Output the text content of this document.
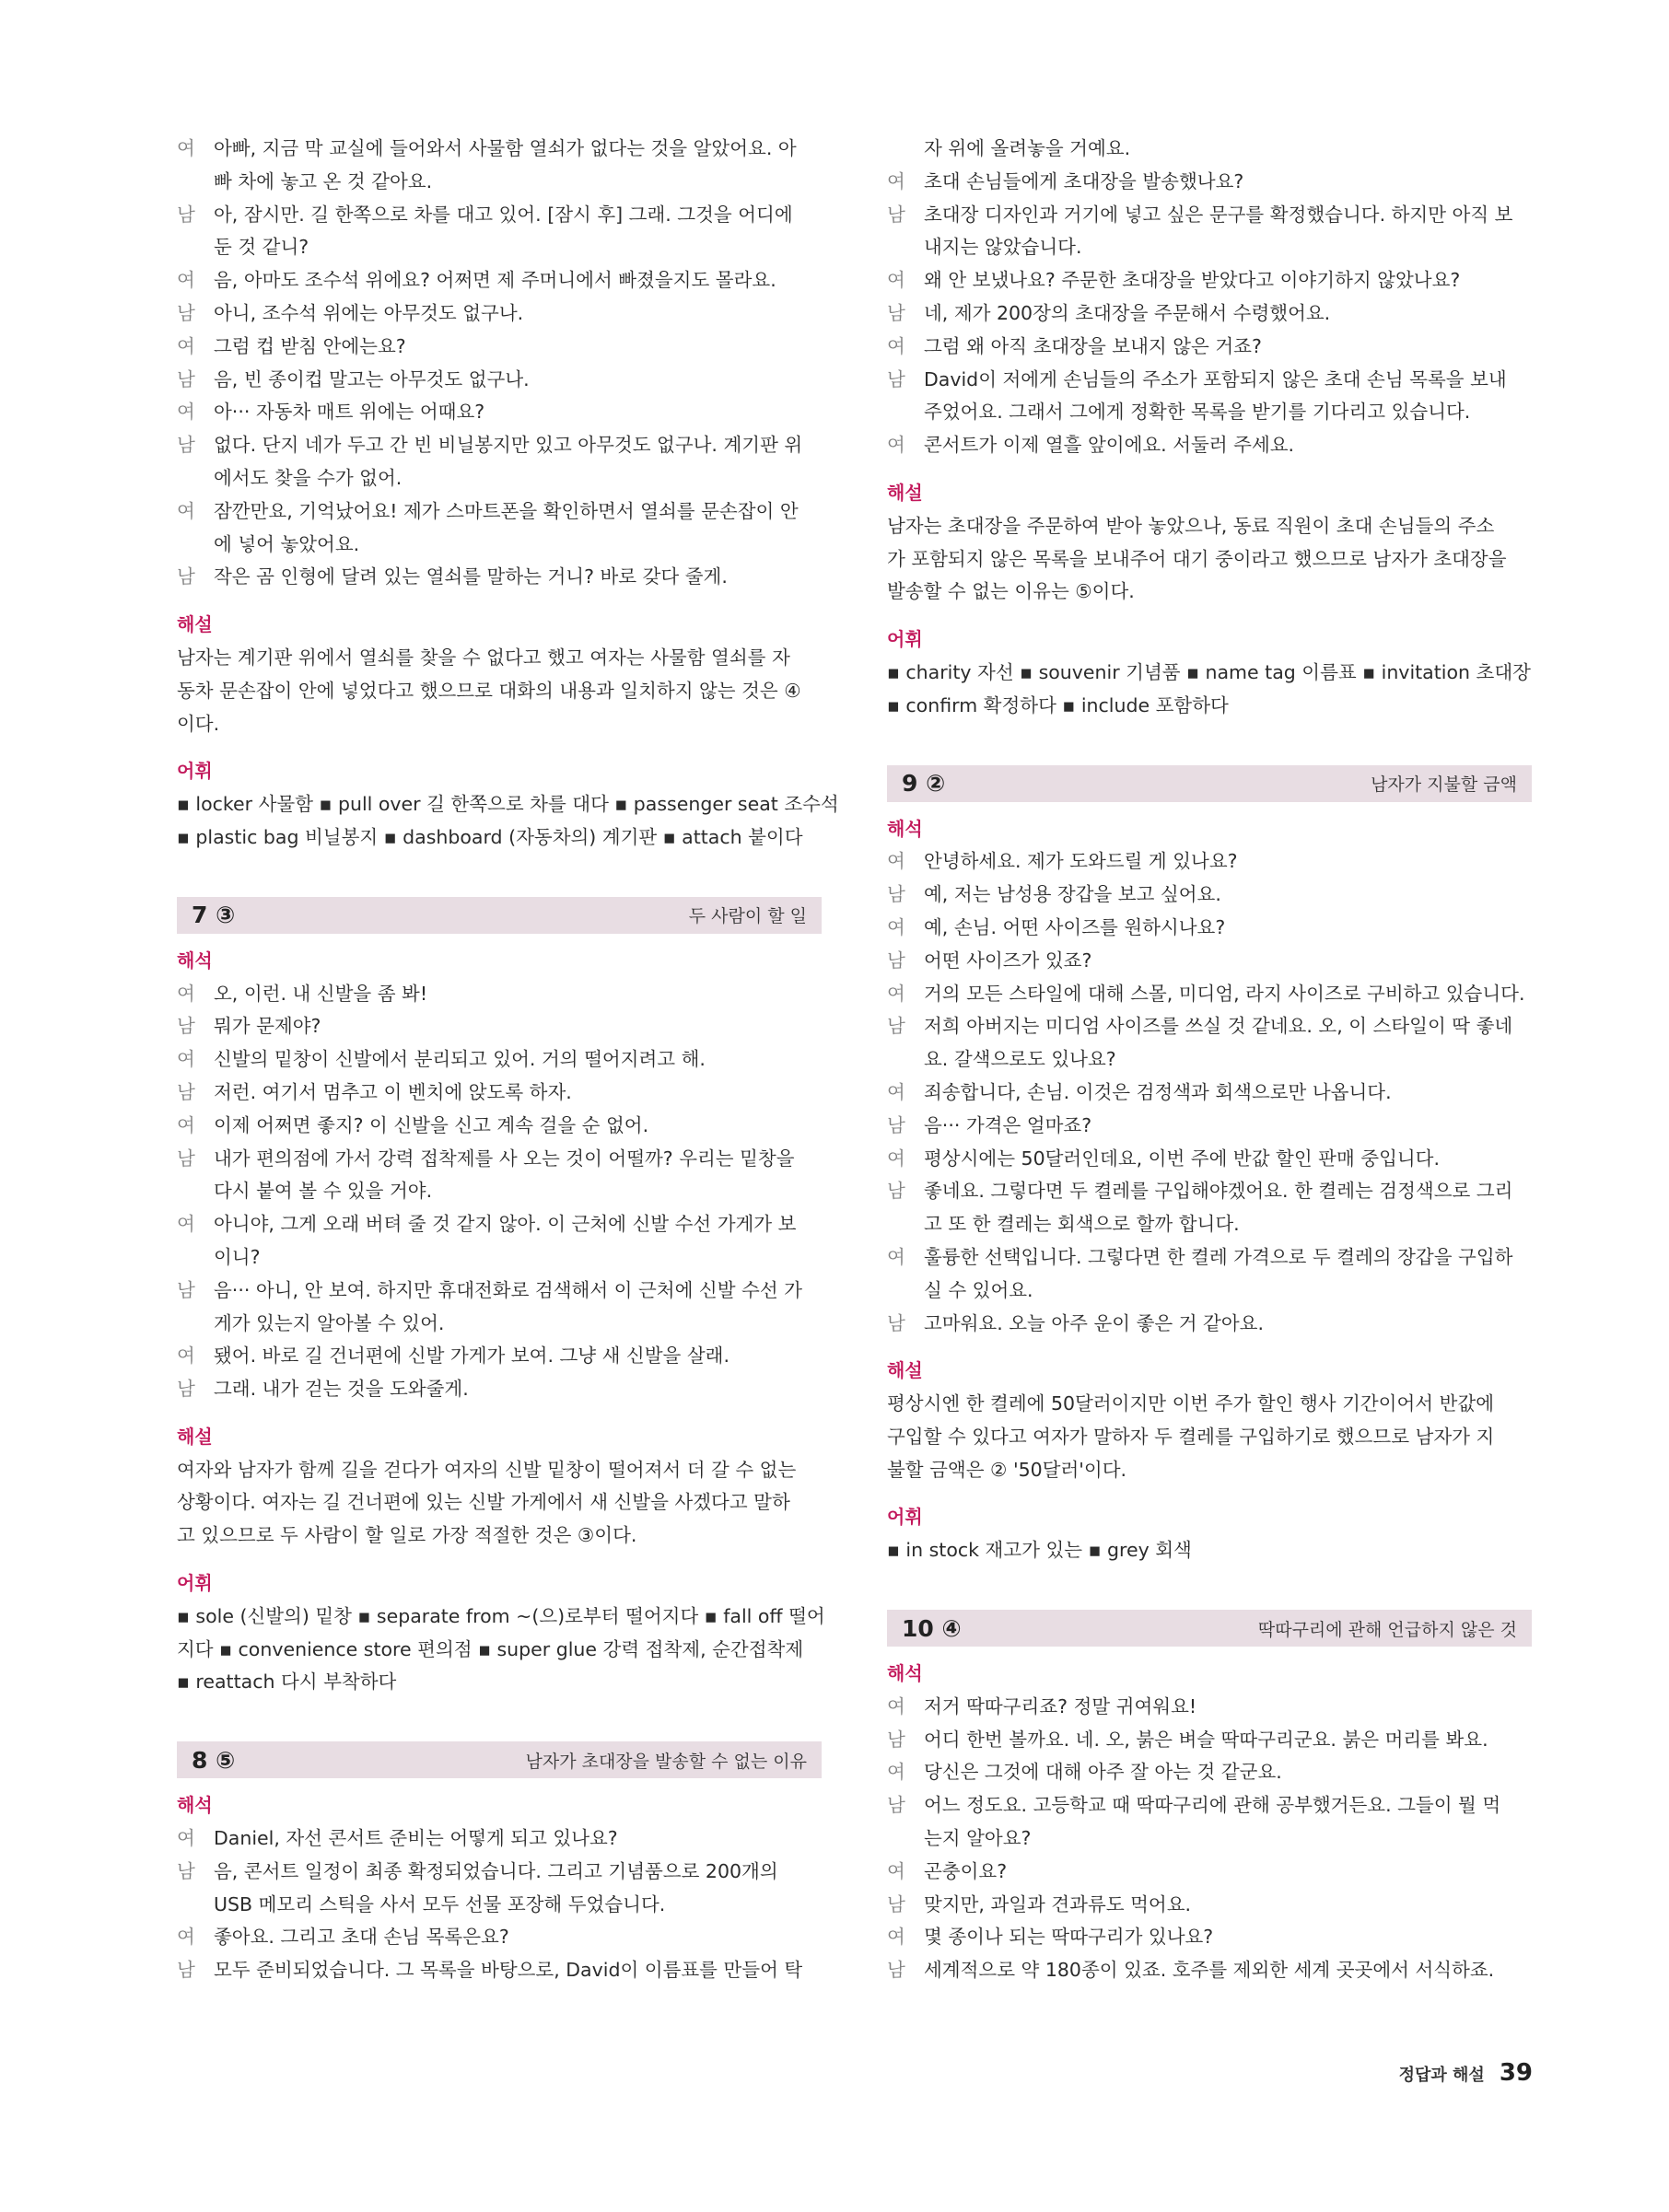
여 아빠, 지금 막 교실에 들어와서 사물함 열쇠가 없다는 것을 알았어요. 아
빠 차에 놓고 온 것 같아요.
남 아, 잠시만. 길 한쪽으로 차를 대고 있어. [잠시 후] 그래. 그것을 어디에
둔 것 같니?
여 음, 아마도 조수석 위에요? 어쩌면 제 주머니에서 빠졌을지도 몰라요.
남 아니, 조수석 위에는 아무것도 없구나.
여 그럼 컵 받침 안에는요?
남 음, 빈 종이컵 말고는 아무것도 없구나.
여 아··· 자동차 매트 위에는 어때요?
남 없다. 단지 네가 두고 간 빈 비닐봉지만 있고 아무것도 없구나. 계기판 위
에서도 찾을 수가 없어.
여 잠깐만요, 기억났어요! 제가 스마트폰을 확인하면서 열쇠를 문손잡이 안
에 넣어 놓았어요.
남 작은 곰 인형에 달려 있는 열쇠를 말하는 거니? 바로 갖다 줄게.
해설
남자는 계기판 위에서 열쇠를 찾을 수 없다고 했고 여자는 사물함 열쇠를 자
동차 문손잡이 안에 넣었다고 했으므로 대화의 내용과 일치하지 않는 것은 ④
이다.
어휘
▪ locker 사물함 ▪ pull over 길 한쪽으로 차를 대다 ▪ passenger seat 조수석
▪ plastic bag 비닐봉지 ▪ dashboard (자동차의) 계기판 ▪ attach 붙이다
7 ③	두 사람이 할 일
해석
여 오, 이런. 내 신발을 좀 봐!
남 뭐가 문제야?
여 신발의 밑창이 신발에서 분리되고 있어. 거의 떨어지려고 해.
남 저런. 여기서 멈추고 이 벤치에 앉도록 하자.
여 이제 어쩌면 좋지? 이 신발을 신고 계속 걸을 순 없어.
남 내가 편의점에 가서 강력 접착제를 사 오는 것이 어떨까? 우리는 밑창을
다시 붙여 볼 수 있을 거야.
여 아니야, 그게 오래 버텨 줄 것 같지 않아. 이 근처에 신발 수선 가게가 보
이니?
남 음··· 아니, 안 보여. 하지만 휴대전화로 검색해서 이 근처에 신발 수선 가
게가 있는지 알아볼 수 있어.
여 됐어. 바로 길 건너편에 신발 가게가 보여. 그냥 새 신발을 살래.
남 그래. 내가 걷는 것을 도와줄게.
해설
여자와 남자가 함께 길을 걷다가 여자의 신발 밑창이 떨어져서 더 갈 수 없는
상황이다. 여자는 길 건너편에 있는 신발 가게에서 새 신발을 사겠다고 말하
고 있으므로 두 사람이 할 일로 가장 적절한 것은 ③이다.
어휘
▪ sole (신발의) 밑창 ▪ separate from ~(으)로부터 떨어지다 ▪ fall off 떨어
지다 ▪ convenience store 편의점 ▪ super glue 강력 접착제, 순간접착제
▪ reattach 다시 부착하다
8 ⑤	남자가 초대장을 발송할 수 없는 이유
해석
여 Daniel, 자선 콘서트 준비는 어떻게 되고 있나요?
남 음, 콘서트 일정이 최종 확정되었습니다. 그리고 기념품으로 200개의
USB 메모리 스틱을 사서 모두 선물 포장해 두었습니다.
여 좋아요. 그리고 초대 손님 목록은요?
남 모두 준비되었습니다. 그 목록을 바탕으로, David이 이름표를 만들어 탁
자 위에 올려놓을 거예요.
여 초대 손님들에게 초대장을 발송했나요?
남 초대장 디자인과 거기에 넣고 싶은 문구를 확정했습니다. 하지만 아직 보
내지는 않았습니다.
여 왜 안 보냈나요? 주문한 초대장을 받았다고 이야기하지 않았나요?
남 네, 제가 200장의 초대장을 주문해서 수령했어요.
여 그럼 왜 아직 초대장을 보내지 않은 거죠?
남 David이 저에게 손님들의 주소가 포함되지 않은 초대 손님 목록을 보내
주었어요. 그래서 그에게 정확한 목록을 받기를 기다리고 있습니다.
여 콘서트가 이제 열흘 앞이에요. 서둘러 주세요.
해설
남자는 초대장을 주문하여 받아 놓았으나, 동료 직원이 초대 손님들의 주소
가 포함되지 않은 목록을 보내주어 대기 중이라고 했으므로 남자가 초대장을
발송할 수 없는 이유는 ⑤이다.
어휘
▪ charity 자선 ▪ souvenir 기념품 ▪ name tag 이름표 ▪ invitation 초대장
▪ confirm 확정하다 ▪ include 포함하다
9 ②	남자가 지불할 금액
해석
여 안녕하세요. 제가 도와드릴 게 있나요?
남 예, 저는 남성용 장갑을 보고 싶어요.
여 예, 손님. 어떤 사이즈를 원하시나요?
남 어떤 사이즈가 있죠?
여 거의 모든 스타일에 대해 스몰, 미디엄, 라지 사이즈로 구비하고 있습니다.
남 저희 아버지는 미디엄 사이즈를 쓰실 것 같네요. 오, 이 스타일이 딱 좋네
요. 갈색으로도 있나요?
여 죄송합니다, 손님. 이것은 검정색과 회색으로만 나옵니다.
남 음··· 가격은 얼마죠?
여 평상시에는 50달러인데요, 이번 주에 반값 할인 판매 중입니다.
남 좋네요. 그렇다면 두 켤레를 구입해야겠어요. 한 켤레는 검정색으로 그리
고 또 한 켤레는 회색으로 할까 합니다.
여 훌륭한 선택입니다. 그렇다면 한 켤레 가격으로 두 켤레의 장갑을 구입하
실 수 있어요.
남 고마워요. 오늘 아주 운이 좋은 거 같아요.
해설
평상시엔 한 켤레에 50달러이지만 이번 주가 할인 행사 기간이어서 반값에
구입할 수 있다고 여자가 말하자 두 켤레를 구입하기로 했으므로 남자가 지
불할 금액은 ② '50달러'이다.
어휘
▪ in stock 재고가 있는 ▪ grey 회색
10 ④	딱따구리에 관해 언급하지 않은 것
해석
여 저거 딱따구리죠? 정말 귀여워요!
남 어디 한번 볼까요. 네. 오, 붉은 벼슬 딱따구리군요. 붉은 머리를 봐요.
여 당신은 그것에 대해 아주 잘 아는 것 같군요.
남 어느 정도요. 고등학교 때 딱따구리에 관해 공부했거든요. 그들이 뭘 먹
는지 알아요?
여 곤충이요?
남 맞지만, 과일과 견과류도 먹어요.
여 몇 종이나 되는 딱따구리가 있나요?
남 세계적으로 약 180종이 있죠. 호주를 제외한 세계 곳곳에서 서식하죠.
정답과 해설 39
